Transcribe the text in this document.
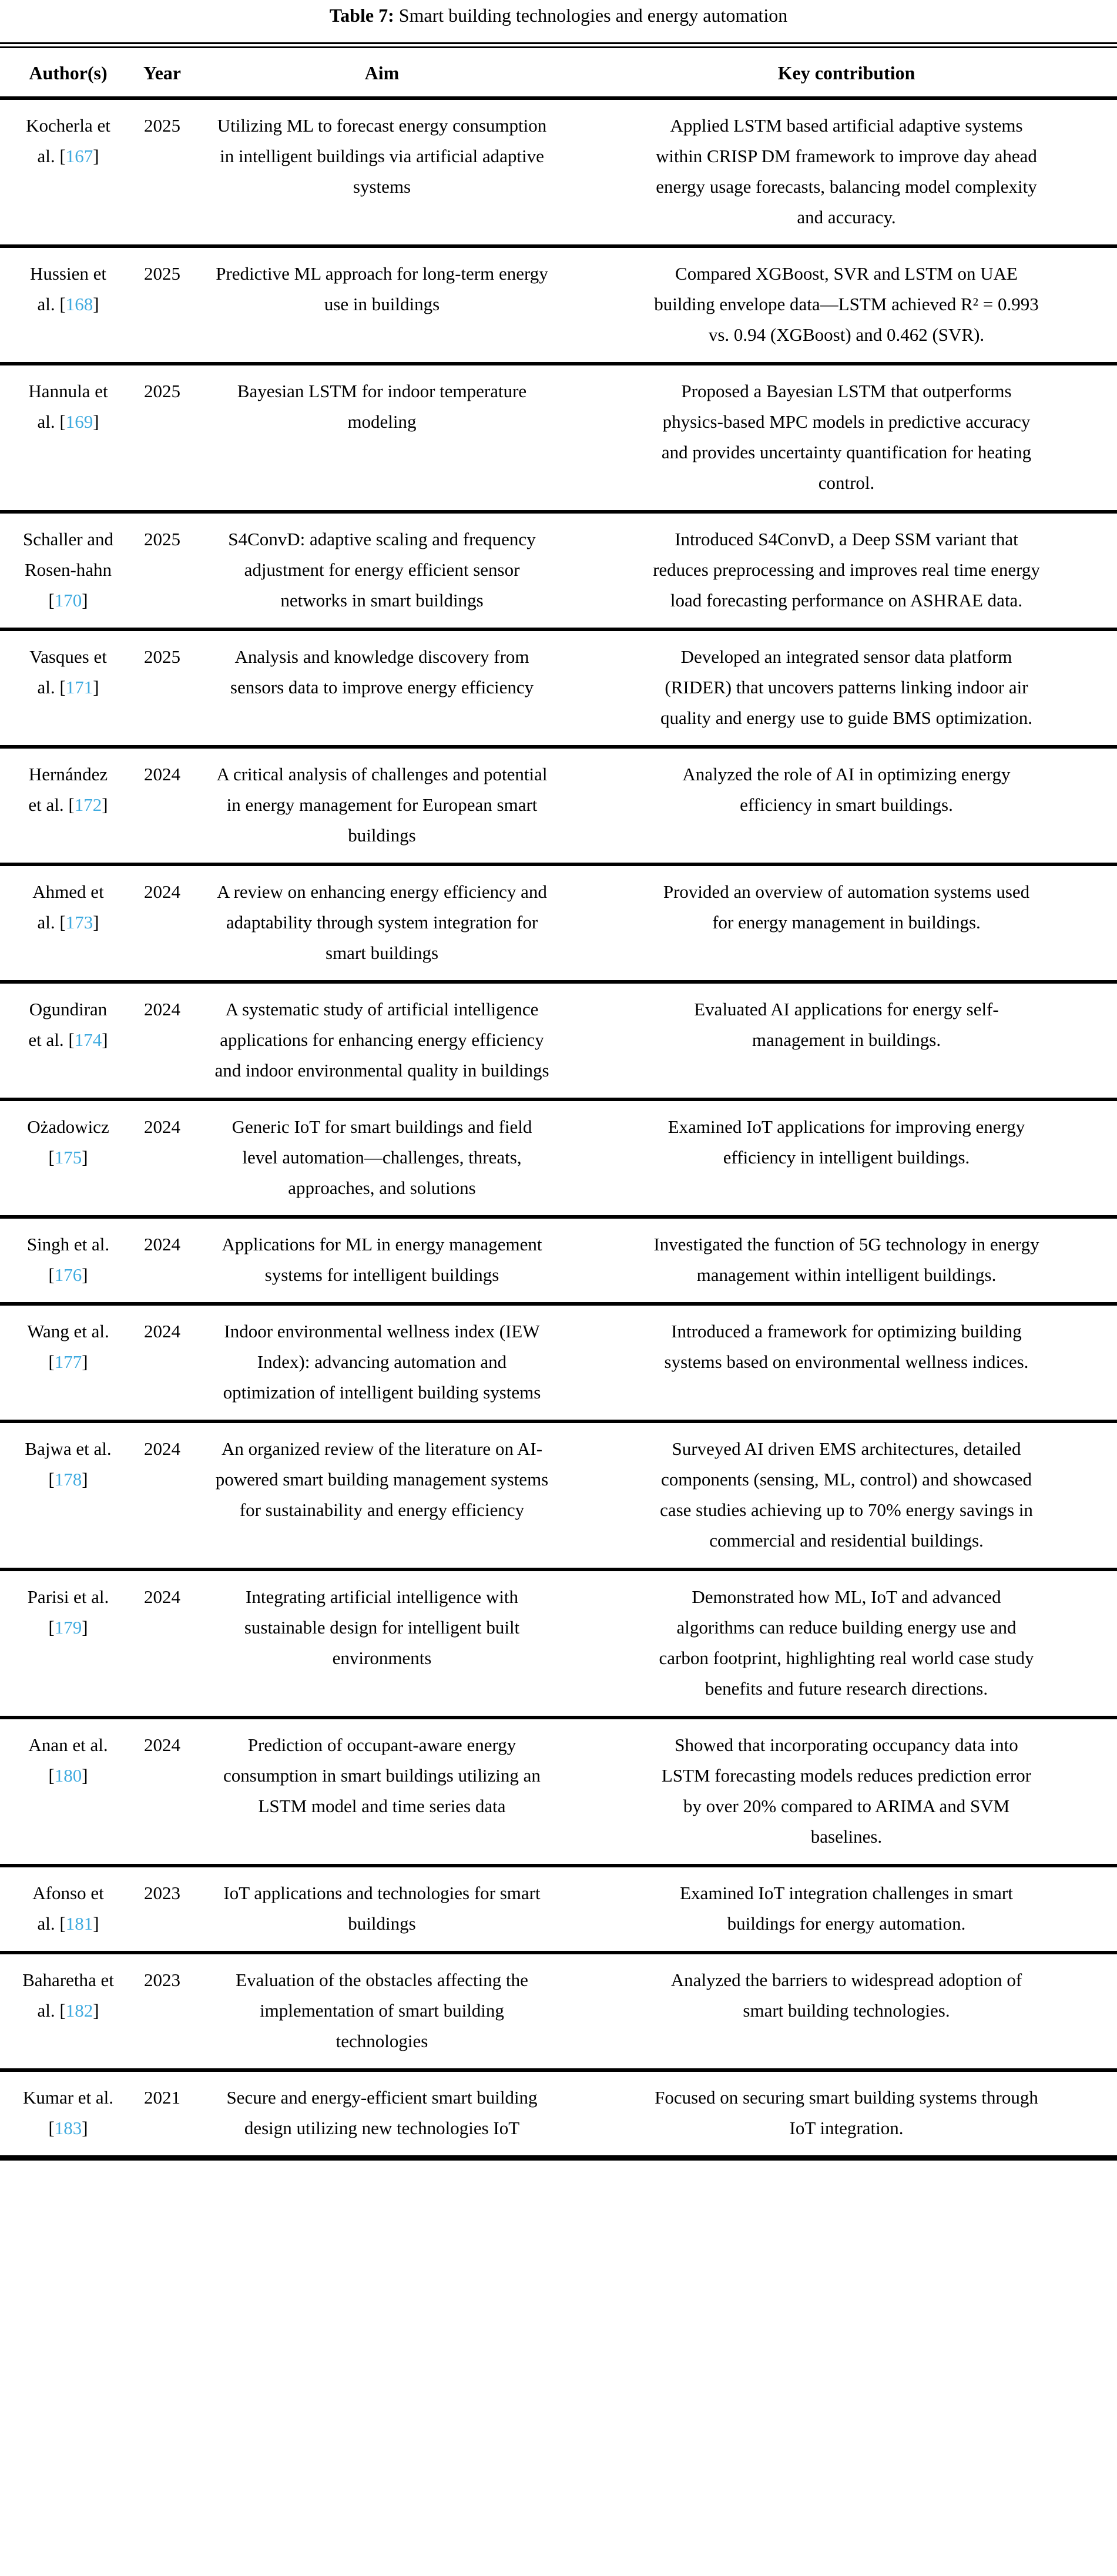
Table 7: Smart building technologies and energy automation
Author(s)	Year	Aim	Key contribution
Kocherla et al. [167]	2025	Utilizing ML to forecast energy consumption in intelligent buildings via artificial adaptive systems	Applied LSTM based artificial adaptive systems within CRISP DM framework to improve day ahead energy usage forecasts, balancing model complexity and accuracy.
Hussien et al. [168]	2025	Predictive ML approach for long-term energy use in buildings	Compared XGBoost, SVR and LSTM on UAE building envelope data—LSTM achieved R² = 0.993 vs. 0.94 (XGBoost) and 0.462 (SVR).
Hannula et al. [169]	2025	Bayesian LSTM for indoor temperature modeling	Proposed a Bayesian LSTM that outperforms physics-based MPC models in predictive accuracy and provides uncertainty quantification for heating control.
Schaller and Rosen-hahn [170]	2025	S4ConvD: adaptive scaling and frequency adjustment for energy efficient sensor networks in smart buildings	Introduced S4ConvD, a Deep SSM variant that reduces preprocessing and improves real time energy load forecasting performance on ASHRAE data.
Vasques et al. [171]	2025	Analysis and knowledge discovery from sensors data to improve energy efficiency	Developed an integrated sensor data platform (RIDER) that uncovers patterns linking indoor air quality and energy use to guide BMS optimization.
Hernández et al. [172]	2024	A critical analysis of challenges and potential in energy management for European smart buildings	Analyzed the role of AI in optimizing energy efficiency in smart buildings.
Ahmed et al. [173]	2024	A review on enhancing energy efficiency and adaptability through system integration for smart buildings	Provided an overview of automation systems used for energy management in buildings.
Ogundiran et al. [174]	2024	A systematic study of artificial intelligence applications for enhancing energy efficiency and indoor environmental quality in buildings	Evaluated AI applications for energy self-management in buildings.
Ożadowicz [175]	2024	Generic IoT for smart buildings and field level automation—challenges, threats, approaches, and solutions	Examined IoT applications for improving energy efficiency in intelligent buildings.
Singh et al. [176]	2024	Applications for ML in energy management systems for intelligent buildings	Investigated the function of 5G technology in energy management within intelligent buildings.
Wang et al. [177]	2024	Indoor environmental wellness index (IEW Index): advancing automation and optimization of intelligent building systems	Introduced a framework for optimizing building systems based on environmental wellness indices.
Bajwa et al. [178]	2024	An organized review of the literature on AI-powered smart building management systems for sustainability and energy efficiency	Surveyed AI driven EMS architectures, detailed components (sensing, ML, control) and showcased case studies achieving up to 70% energy savings in commercial and residential buildings.
Parisi et al. [179]	2024	Integrating artificial intelligence with sustainable design for intelligent built environments	Demonstrated how ML, IoT and advanced algorithms can reduce building energy use and carbon footprint, highlighting real world case study benefits and future research directions.
Anan et al. [180]	2024	Prediction of occupant-aware energy consumption in smart buildings utilizing an LSTM model and time series data	Showed that incorporating occupancy data into LSTM forecasting models reduces prediction error by over 20% compared to ARIMA and SVM baselines.
Afonso et al. [181]	2023	IoT applications and technologies for smart buildings	Examined IoT integration challenges in smart buildings for energy automation.
Baharetha et al. [182]	2023	Evaluation of the obstacles affecting the implementation of smart building technologies	Analyzed the barriers to widespread adoption of smart building technologies.
Kumar et al. [183]	2021	Secure and energy-efficient smart building design utilizing new technologies IoT	Focused on securing smart building systems through IoT integration.
